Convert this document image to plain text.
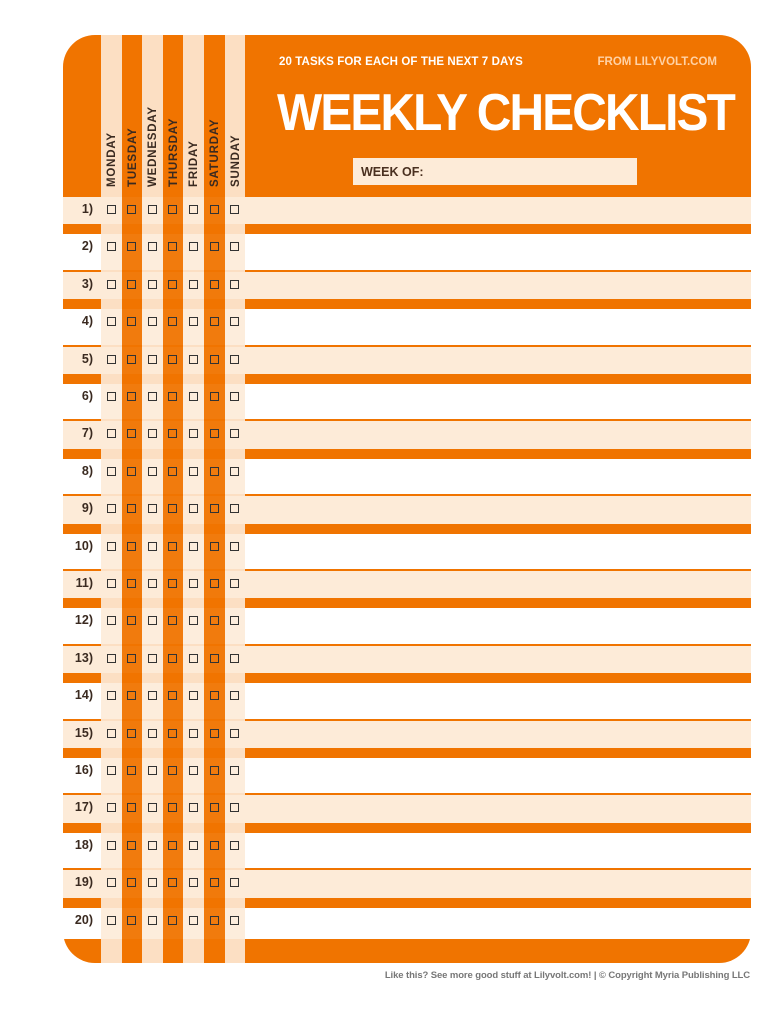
20 TASKS FOR EACH OF THE NEXT 7 DAYS	FROM LILYVOLT.COM
WEEKLY CHECKLIST
WEEK OF:
MONDAY TUESDAY WEDNESDAY THURSDAY FRIDAY SATURDAY SUNDAY
1)
2)
3)
4)
5)
6)
7)
8)
9)
10)
11)
12)
13)
14)
15)
16)
17)
18)
19)
20)
Like this? See more good stuff at Lilyvolt.com! | © Copyright Myria Publishing LLC
